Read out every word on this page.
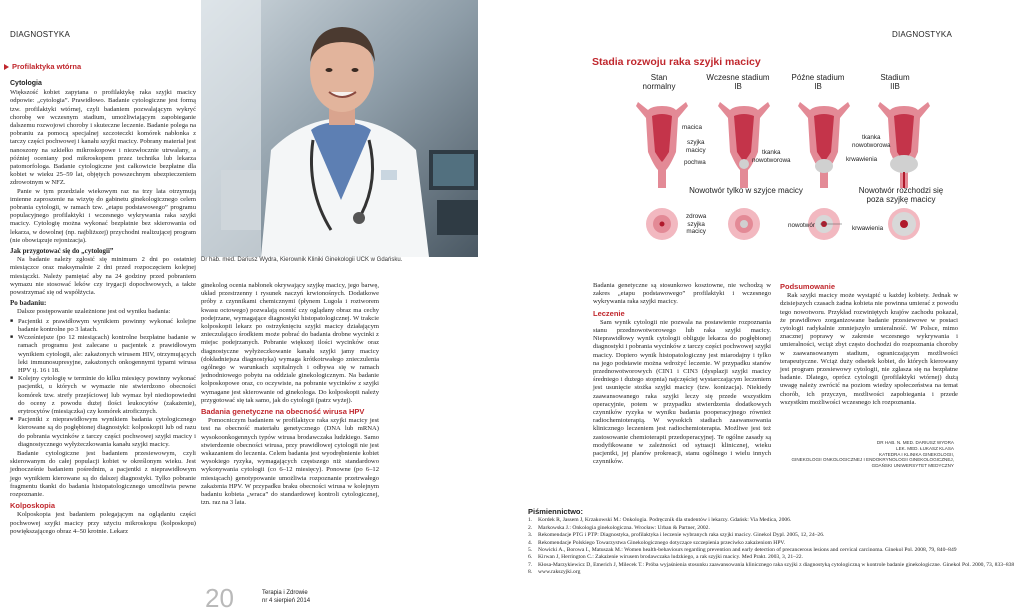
DIAGNOSTYKA
Profilaktyka wtórna
Cytologia

Większość kobiet zapytana o profilaktykę raka szyjki macicy odpowie: „cytologia”. Prawidłowo. Badanie cytologiczne jest formą tzw. profilaktyki wtórnej, czyli badaniem pozwalającym wykryć chorobę we wczesnym stadium, umożliwiającym zapobieganie dalszemu rozwojowi choroby i skuteczne leczenie. Badanie polega na pobraniu za pomocą specjalnej szczoteczki komórek nabłonka z tarczy części pochwowej i kanału szyjki macicy. Pobrany materiał jest nanoszony na szkiełko mikroskopowe i niezwłocznie utrwalany, a później oceniany pod mikroskopem przez technika lub lekarza patomorfologa. Badanie cytologiczne jest całkowicie bezpłatne dla kobiet w wieku 25–59 lat, objętych powszechnym ubezpieczeniem zdrowotnym w NFZ.

Panie w tym przedziale wiekowym raz na trzy lata otrzymują imienne zaproszenie na wizytę do gabinetu ginekologicznego celem pobrania cytologii, w ramach tzw. „etapu podstawowego” programu populacyjnego profilaktyki i wczesnego wykrywania raka szyjki macicy. Cytologię można wykonać bezpłatnie bez skierowania od lekarza, w dowolnej (np. najbliższej) przychodni realizującej program (nie obowiązuje rejonizacja).

Jak przygotować się do „cytologii”

Na badanie należy zgłosić się minimum 2 dni po ostatniej miesiączce oraz maksymalnie 2 dni przed rozpoczęciem kolejnej miesiączki. Należy pamiętać aby na 24 godziny przed pobraniem wymazu nie stosować leków czy irygacji dopochwowych, a także powstrzymać się od współżycia.

Po badaniu:

Dalsze postępowanie uzależnione jest od wyniku badania:

■ Pacjentki z prawidłowym wynikiem powinny wykonać kolejne badanie kontrolne po 3 latach.
■ Wcześniejsze (po 12 miesiącach) kontrolne bezpłatne badanie w ramach programu jest zalecane u pacjentek z prawidłowym wynikiem cytologii, ale: zakażonych wirusem HIV, otrzymujących leki immunosupresyjne, zakażonych onkogennymi typami wirusa HPV tj. 16 i 18.
■ Kolejny cytologię w terminie do kilku miesięcy powinny wykonać pacjentki, u których w wymazie nie stwierdzono obecności komórek tzw. strefy przejściowej lub wymaz był niediopowiedni do oceny z powodu dużej ilości leukocytów (zakażenie), erytrocytów (miesiączka) czy komórek atroficznych.
■ Pacjentki z nieprawidłowym wynikiem badania cytologicznego kierowane są do pogłębionej diagnostyki: kolposkopii lub od razu do pobrania wycinków z tarczy części pochwowej szyjki macicy i diagnostycznego wyłyżeczkowania kanału szyjki macicy.

Badanie cytologiczne jest badaniem przesiewowym, czyli skierowanym do całej populacji kobiet w określonym wieku. Jest jednocześnie badaniem pośrednim, a pacjentki z nieprawidłowym jego wynikiem kierowane są do dalszej diagnostyki. Tylko pobranie fragmentu tkanki do badania histopatologicznego umożliwia pewne rozpoznanie.

Kolposkopia

Kolposkopia jest badaniem polegającym na oglądaniu części pochwowej szyjki macicy przy użyciu mikroskopu (kolposkopu) powiększającego obraz 4–50 krotnie. Lekarz

Dr hab. med. Dariusz Wydra, Kierownik Kliniki Ginekologii UCK w Gdańsku.

ginekolog ocenia nabłonek okrywający szyjkę macicy, jego barwę, układ przestrzenny i rysunek naczyń krwionośnych. Dodatkowe próby z czynnikami chemicznymi (płynem Lugola i roztworem kwasu octowego) pozwalają ocenić czy oglądany obraz ma cechy podejrzane, wymagające diagnostyki histopatologicznej. W trakcie kolposkopii lekarz po ostrzyknięciu szyjki macicy działającym znieczulająco środkiem może pobrać do badania drobne wycinki z miejsc podejrzanych. Pobranie większej ilości wycinków oraz diagnostyczne wyłyżeczkowanie kanału szyjki jamy macicy (dokładniejsza diagnostyka) wymaga krótkotrwałego znieczulenia ogólnego w warunkach szpitalnych i odbywa się w ramach jednodniowego pobytu na oddziale ginekologicznym. Na badanie kolposkopowe oraz, co oczywiste, na pobranie wycinków z szyjki wymagane jest skierowanie od ginekologa. Do kolposkopii należy przygotować się tak samo, jak do cytologii (patrz wyżej).

Badania genetyczne na obecność wirusa HPV

Pomocniczym badaniem w profilaktyce raka szyjki macicy jest test na obecność materiału genetycznego (DNA lub mRNA) wysokoonkogennych typów wirusa brodawczaka ludzkiego. Samo stwierdzenie obecności wirusa, przy prawidłowej cytologii nie jest wskazaniem do leczenia. Celem badania jest wyodrębnienie kobiet wysokiego ryzyka, wymagających częstszego niż standardowo wykonywania cytologii (co 6–12 miesięcy). Ponowne (po 6–12 miesiącach) genotypowanie umożliwia rozpoznanie przetrwałego zakażenia HPV. W przypadku braku obecności wirusa w kolejnym badaniu kobieta „wraca” do standardowej kontroli cytologicznej, tzn. raz na 3 lata.

20	Terapia i Zdrowie
nr 4 sierpień 2014
DIAGNOSTYKA
Stadia rozwoju raka szyjki macicy
Stan
normalny
Wczesne stadium
IB
Późne stadium
IB
Stadium
IIB
macica
szyjka
macicy
pochwa
tkanka
nowotworowa
tkanka
nowotworowa
krwawienia
Nowotwór tylko w szyjce macicy	Nowotwór rozchodzi się
poza szyjkę macicy
zdrowa
szyjka
macicy
nowotwór	krwawienia

Badania genetyczne są stosunkowo kosztowne, nie wchodzą w zakres „etapu podstawowego” profilaktyki i wczesnego wykrywania raka szyjki macicy.

Leczenie

Sam wynik cytologii nie pozwala na postawienie rozpoznania stanu przednowotworowego lub raka szyjki macicy. Nieprawidłowy wynik cytologii obliguje lekarza do pogłębionej diagnostyki i pobrania wycinków z tarczy części pochwowej szyjki macicy. Dopiero wynik histopatologiczny jest miarodajny i tylko na jego podstawie można wdrożyć leczenie. W przypadku stanów przednowotworowych (CIN1 i CIN3 (dysplazji szyjki macicy średniego i dużego stopnia) najczęściej wystarczającym leczeniem jest usunięcie stożka szyjki macicy (tzw. konizacja). Niekiedy zaawansowanego raka szyjki leczy się przede wszystkim operacyjnie, potem w przypadku stwierdzenia dodatkowych czynników ryzyka w wyniku badania pooperacyjnego również radiochemioterapią. W wysokich stadiach zaawansowania klinicznego leczeniem jest radiochemioterapia. Możliwe jest też zastosowanie chemioterapii przedoperacyjnej. Te ogólne zasady są modyfikowane w zależności od sytuacji klinicznej, wieku pacjentki, jej planów prokreacji, stanu ogólnego i wielu innych czynników.

Podsumowanie

Rak szyjki macicy może wystąpić u każdej kobiety. Jednak w dzisiejszych czasach żadna kobieta nie powinna umierać z powodu tego nowotworu. Przykład rozwiniętych krajów zachodu pokazał, że prawidłowo zorganizowane badanie przesiewowe w postaci cytologii radykalnie zmniejszyło umieralność. W Polsce, mimo znacznej poprawy w zakresie wczesnego wykrywania i umieralności, wciąż zbyt często dochodzi do rozpoznania choroby w zaawansowanym stadium, ograniczającym możliwości terapeutyczne. Wciąż duży odsetek kobiet, do których kierowany jest program przesiewowy cytologii, nie zgłasza się na bezpłatne badanie. Dlatego, oprócz cytologii (profilaktyki wtórnej) dużą uwagę należy zwrócić na poziom wiedzy społeczeństwa na temat chorób, ich przyczyn, możliwości zapobiegania i przede wszystkim możliwości wczesnego ich rozpoznania.

DR HAB. N. MED. DARIUSZ WYDRA
LEK. MED. ŁUKASZ KLASA
KATEDRA I KLINIKA GINEKOLOGII,
GINEKOLOGII ONKOLOGICZNEJ I ENDOKRYNOLOGII GINEKOLOGICZNEJ,
GDAŃSKI UNIWERSYTET MEDYCZNY
Piśmiennictwo:
1. Kordek R, Jassem J, Krzakowski M.: Onkologia. Podręcznik dla studentów i lekarzy. Gdańsk: Via Medica, 2006.
2. Markowska J.: Onkologia ginekologiczna. Wrocław: Urban & Partner, 2002.
3. Rekomendacje PTG i PTP: Diagnostyka, profilaktyka i leczenie wybranych raka szyjki macicy. Ginekol Dypl. 2005, 12, 24–26.
4. Rekomendacje Polskiego Towarzystwa Ginekologicznego dotyczące szczepienia przeciwko zakażeniom HPV.
5. Nowicki A., Borowa I., Matuszak M.: Women health-behaviours regarding prevention and early detection of precancerous lesions and cervical carcinoma. Ginekol Pol. 2008, 79, 840–849
6. Kirwan J, Herrington C.: Zakażenie wirusem brodawczaka ludzkiego, a rak szyjki macicy. Med Prakt. 2003, 3, 21–22.
7. Kłosa-Marzykiewicz D, Emerich J, Milecek T.: Próba wyjaśnienia stosunku zaawansowania klinicznego raka szyjki z diagnostyką cytologiczną w kontrole badanie ginekologiczne. Ginekol Pol. 2000, 73, 833–838
8. www.rakszyjki.org
